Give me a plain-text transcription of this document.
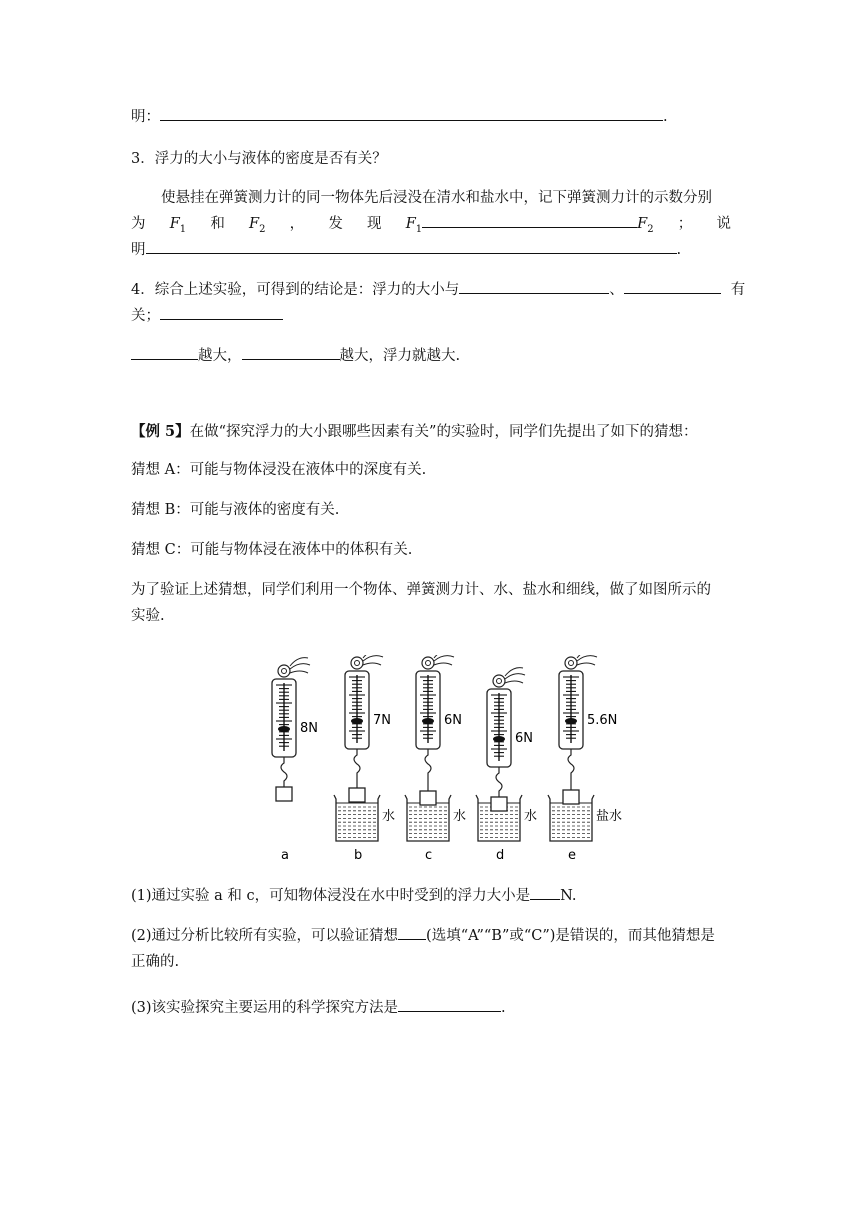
明：	.
3．浮力的大小与液体的密度是否有关？
使悬挂在弹簧测力计的同一物体先后浸没在清水和盐水中，记下弹簧测力计的示数分别
为 $F_1$ 和 $F_2$ ， 发 现 $F_1$	$F_2$ ； 说
明	.
4．综合上述实验，可得到的结论是：浮力的大小与	、	有
关；
越大，	越大，浮力就越大.
【例 5】在做“探究浮力的大小跟哪些因素有关”的实验时，同学们先提出了如下的猜想：
猜想 A：可能与物体浸没在液体中的深度有关.
猜想 B：可能与液体的密度有关.
猜想 C：可能与物体浸在液体中的体积有关.
为了验证上述猜想，同学们利用一个物体、弹簧测力计、水、盐水和细线，做了如图所示的
实验.
8N
a
7N
水
b
6N
水
c
6N
水
d
5.6N
盐水
e
(1)通过实验 a 和 c，可知物体浸没在水中时受到的浮力大小是 N.
(2)通过分析比较所有实验，可以验证猜想 (选填“A”“B”或“C”)是错误的，而其他猜想是
正确的.
(3)该实验探究主要运用的科学探究方法是	.
